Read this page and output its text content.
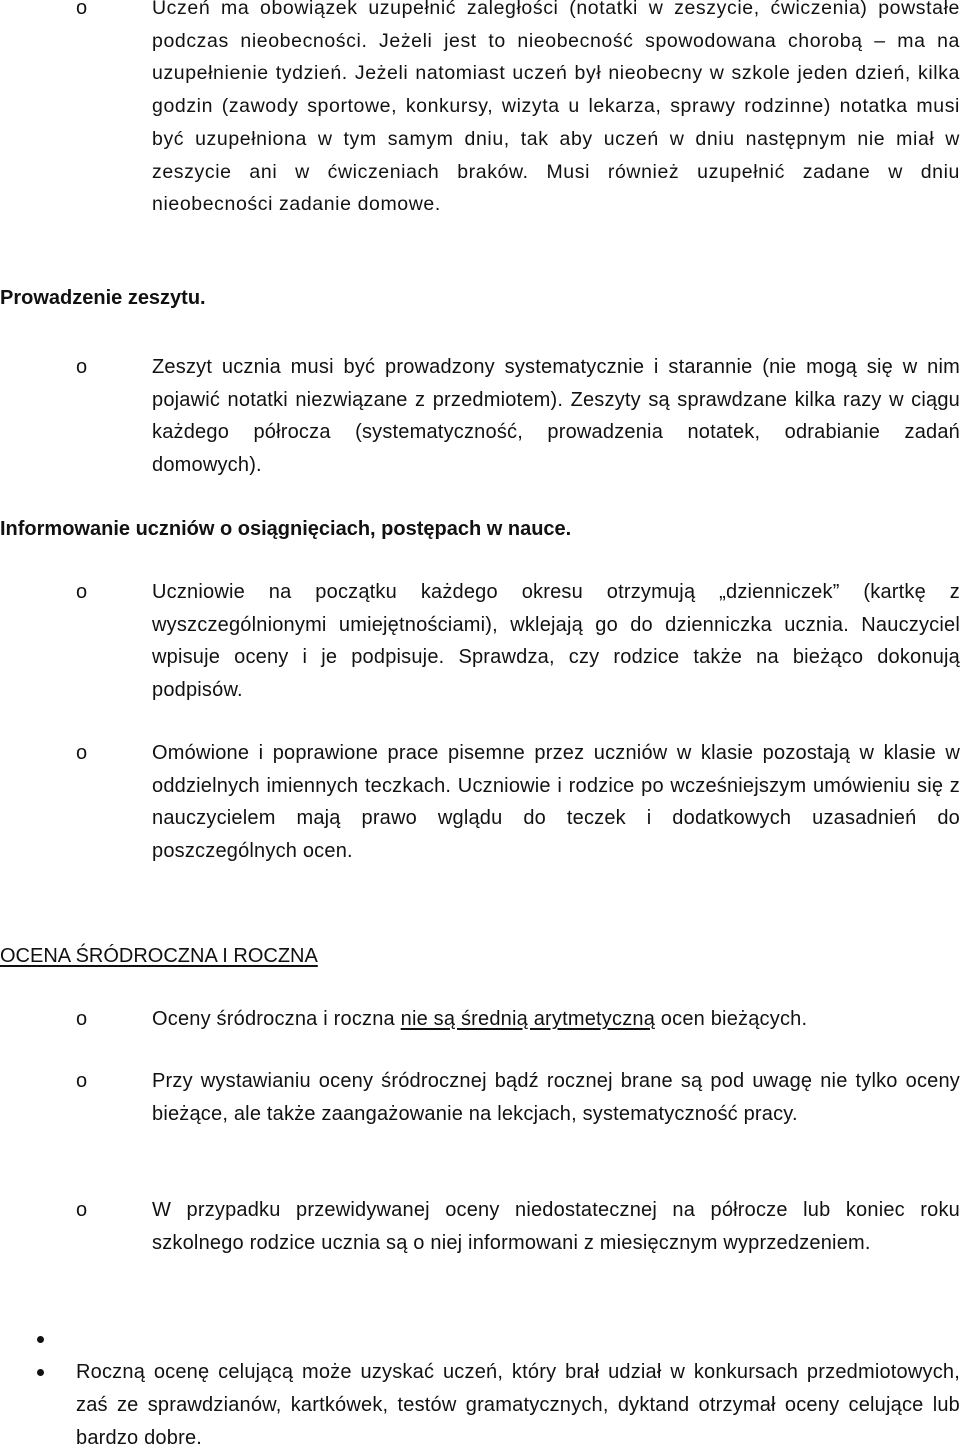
o	Uczeń ma obowiązek uzupełnić zaległości (notatki w zeszycie, ćwiczenia) powstałe podczas nieobecności. Jeżeli jest to nieobecność spowodowana chorobą – ma na uzupełnienie tydzień. Jeżeli natomiast uczeń był nieobecny w szkole jeden dzień, kilka godzin (zawody sportowe, konkursy, wizyta u lekarza, sprawy rodzinne) notatka musi być uzupełniona w tym samym dniu, tak aby uczeń w dniu następnym nie miał w zeszycie ani w ćwiczeniach braków. Musi również uzupełnić zadane w dniu nieobecności zadanie domowe.

Prowadzenie zeszytu.
o	Zeszyt ucznia musi być prowadzony systematycznie i starannie (nie mogą się w nim pojawić notatki niezwiązane z przedmiotem). Zeszyty są sprawdzane kilka razy w ciągu każdego półrocza (systematyczność, prowadzenia notatek, odrabianie zadań domowych).

Informowanie uczniów o osiągnięciach, postępach w nauce.
o	Uczniowie na początku każdego okresu otrzymują „dzienniczek” (kartkę z wyszczególnionymi umiejętnościami), wklejają go do dzienniczka ucznia. Nauczyciel wpisuje oceny i je podpisuje. Sprawdza, czy rodzice także na bieżąco dokonują podpisów.

o	Omówione i poprawione prace pisemne przez uczniów w klasie pozostają w klasie w oddzielnych imiennych teczkach. Uczniowie i rodzice po wcześniejszym umówieniu się z nauczycielem mają prawo wglądu do teczek i dodatkowych uzasadnień do poszczególnych ocen.

OCENA ŚRÓDROCZNA I ROCZNA
o	Oceny śródroczna i roczna nie są średnią arytmetyczną ocen bieżących.

o	Przy wystawianiu oceny śródrocznej bądź rocznej brane są pod uwagę nie tylko oceny bieżące, ale także zaangażowanie na lekcjach, systematyczność pracy.

o	W przypadku przewidywanej oceny niedostatecznej na półrocze lub koniec roku szkolnego rodzice ucznia są o niej informowani z miesięcznym wyprzedzeniem.

Roczną ocenę celującą może uzyskać uczeń, który brał udział w konkursach przedmiotowych, zaś ze sprawdzianów, kartkówek, testów gramatycznych, dyktand otrzymał oceny celujące lub bardzo dobre.
